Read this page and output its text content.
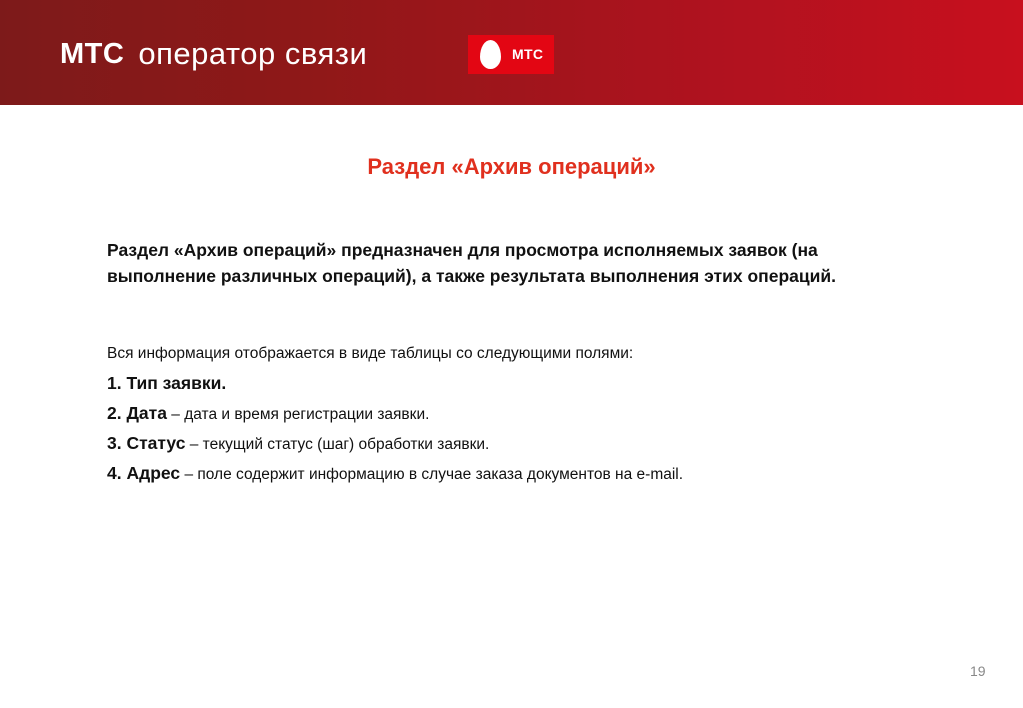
МТС оператор связи	МТС
Раздел «Архив операций»
Раздел «Архив операций» предназначен для просмотра исполняемых заявок (на выполнение различных операций), а также результата выполнения этих операций.
Вся информация отображается в виде таблицы со следующими полями:
1. Тип заявки.
2. Дата – дата и время регистрации заявки.
3. Статус – текущий статус (шаг) обработки заявки.
4. Адрес – поле содержит информацию в случае заказа документов на e-mail.
19
